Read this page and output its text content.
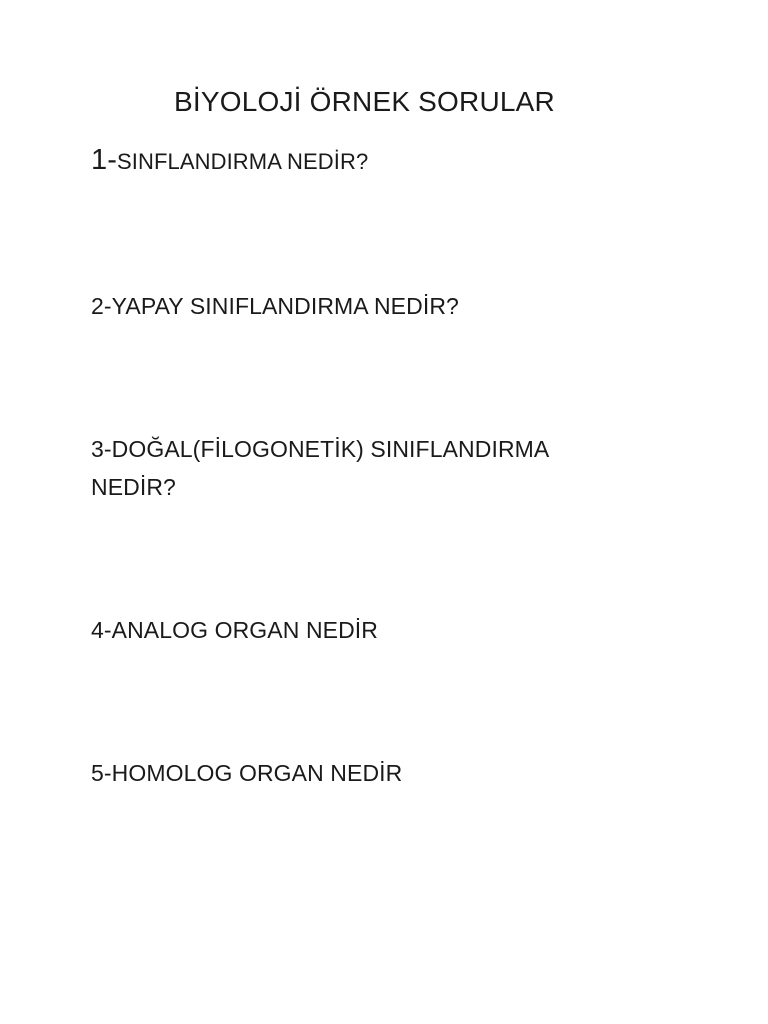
BİYOLOJİ ÖRNEK SORULAR
1-SINFLANDIRMA NEDİR?
2-YAPAY SINIFLANDIRMA NEDİR?
3-DOĞAL(FİLOGONETİK) SINIFLANDIRMA
NEDİR?
4-ANALOG ORGAN NEDİR
5-HOMOLOG ORGAN NEDİR
